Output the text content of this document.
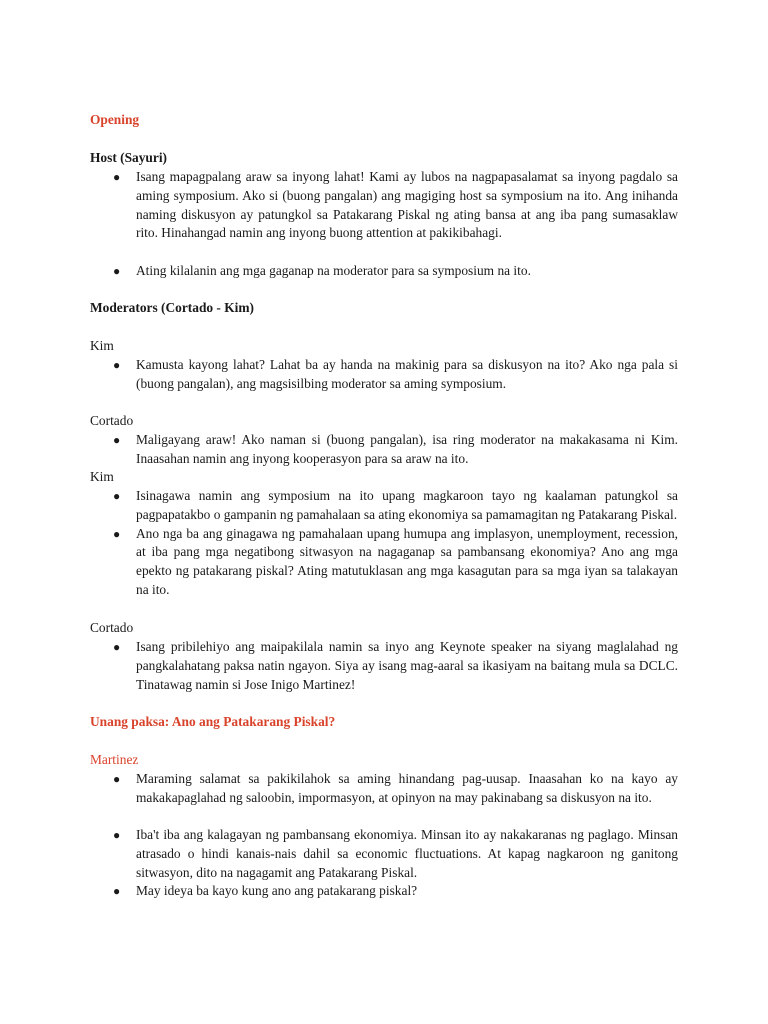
Opening
Host (Sayuri)
● Isang mapagpalang araw sa inyong lahat! Kami ay lubos na nagpapasalamat sa inyong pagdalo sa aming symposium. Ako si (buong pangalan) ang magiging host sa symposium na ito. Ang inihanda naming diskusyon ay patungkol sa Patakarang Piskal ng ating bansa at ang iba pang sumasaklaw rito. Hinahangad namin ang inyong buong attention at pakikibahagi.
● Ating kilalanin ang mga gaganap na moderator para sa symposium na ito.
Moderators (Cortado - Kim)
Kim
● Kamusta kayong lahat? Lahat ba ay handa na makinig para sa diskusyon na ito? Ako nga pala si (buong pangalan), ang magsisilbing moderator sa aming symposium.
Cortado
● Maligayang araw! Ako naman si (buong pangalan), isa ring moderator na makakasama ni Kim. Inaasahan namin ang inyong kooperasyon para sa araw na ito.
Kim
● Isinagawa namin ang symposium na ito upang magkaroon tayo ng kaalaman patungkol sa pagpapatakbo o gampanin ng pamahalaan sa ating ekonomiya sa pamamagitan ng Patakarang Piskal.
● Ano nga ba ang ginagawa ng pamahalaan upang humupa ang implasyon, unemployment, recession, at iba pang mga negatibong sitwasyon na nagaganap sa pambansang ekonomiya? Ano ang mga epekto ng patakarang piskal? Ating matutuklasan ang mga kasagutan para sa mga iyan sa talakayan na ito.
Cortado
● Isang pribilehiyo ang maipakilala namin sa inyo ang Keynote speaker na siyang maglalahad ng pangkalahatang paksa natin ngayon. Siya ay isang mag-aaral sa ikasiyam na baitang mula sa DCLC. Tinatawag namin si Jose Inigo Martinez!
Unang paksa: Ano ang Patakarang Piskal?
Martinez
● Maraming salamat sa pakikilahok sa aming hinandang pag-uusap. Inaasahan ko na kayo ay makakapaglahad ng saloobin, impormasyon, at opinyon na may pakinabang sa diskusyon na ito.
● Iba't iba ang kalagayan ng pambansang ekonomiya. Minsan ito ay nakakaranas ng paglago. Minsan atrasado o hindi kanais-nais dahil sa economic fluctuations. At kapag nagkaroon ng ganitong sitwasyon, dito na nagagamit ang Patakarang Piskal.
● May ideya ba kayo kung ano ang patakarang piskal?
